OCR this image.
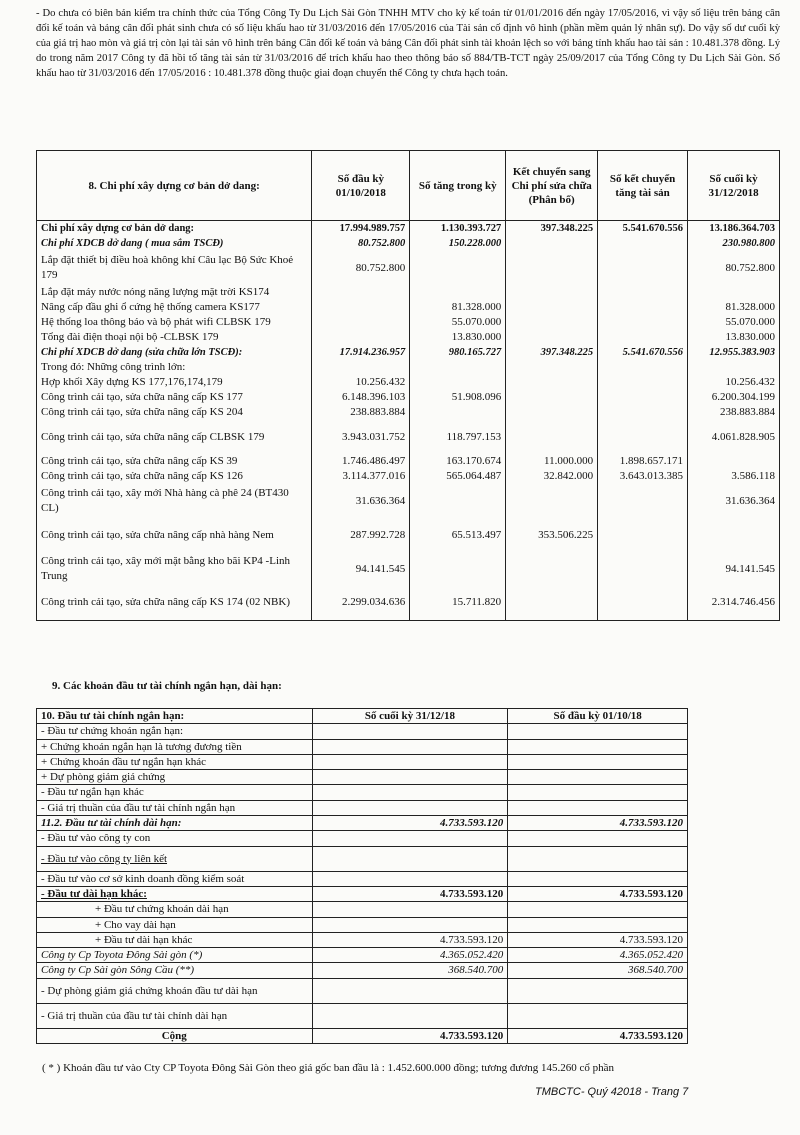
- Do chưa có biên bản kiểm tra chính thức của Tổng Công Ty Du Lịch Sài Gòn TNHH MTV cho kỳ kế toán từ 01/01/2016 đến ngày 17/05/2016, vì vậy số liệu trên bảng cân đối kế toán và bảng cân đối phát sinh chưa có số liệu khấu hao từ 31/03/2016 đến 17/05/2016 của Tài sản cố định vô hình (phần mềm quản lý nhân sự). Do vậy số dư cuối kỳ của giá trị hao mòn và giá trị còn lại tài sản vô hình trên bảng Cân đối kế toán và bảng Cân đối phát sinh tài khoản lệch so với bảng tính khấu hao tài sản : 10.481.378 đồng. Lý do trong năm 2017 Công ty đã hồi tố tăng tài sản từ 31/03/2016 để trích khấu hao theo thông báo số 884/TB-TCT ngày 25/09/2017 của Tổng Công ty Du Lịch Sài Gòn. Số khấu hao từ 31/03/2016 đến 17/05/2016 : 10.481.378 đồng thuộc giai đoạn chuyển thể Công ty chưa hạch toán.
8. Chi phí xây dựng cơ bản dở dang:	Số đầu kỳ 01/10/2018	Số tăng trong kỳ	Kết chuyển sang Chi phí sửa chữa (Phân bổ)	Số kết chuyển tăng tài sản	Số cuối kỳ 31/12/2018
Chi phí xây dựng cơ bản dở dang:	17.994.989.757	1.130.393.727	397.348.225	5.541.670.556	13.186.364.703
Chi phí XDCB dở dang ( mua sắm TSCĐ)	80.752.800	150.228.000			230.980.800
Lắp đặt thiết bị điều hoà không khí Câu lạc Bộ Sức Khoẻ 179	80.752.800				80.752.800
Lắp đặt máy nước nóng năng lượng mặt trời KS174					
Nâng cấp đầu ghi ổ cứng hệ thống camera KS177		81.328.000			81.328.000
Hệ thống loa thông báo và bộ phát wifi CLBSK 179		55.070.000			55.070.000
Tổng đài điện thoại nội bộ -CLBSK 179		13.830.000			13.830.000
Chi phí XDCB dở dang (sửa chữa lớn TSCĐ):	17.914.236.957	980.165.727	397.348.225	5.541.670.556	12.955.383.903
Trong đó: Những công trình lớn:					
Hợp khối Xây dựng KS 177,176,174,179	10.256.432				10.256.432
Công trình cải tạo, sửa chữa nâng cấp KS 177	6.148.396.103	51.908.096			6.200.304.199
Công trình cải tạo, sửa chữa nâng cấp KS 204	238.883.884				238.883.884
Công trình cải tạo, sửa chữa nâng cấp CLBSK 179	3.943.031.752	118.797.153			4.061.828.905
Công trình cải tạo, sửa chữa nâng cấp KS 39	1.746.486.497	163.170.674	11.000.000	1.898.657.171	
Công trình cải tạo, sửa chữa nâng cấp KS 126	3.114.377.016	565.064.487	32.842.000	3.643.013.385	3.586.118
Công trình cải tạo, xây mới Nhà hàng cà phê 24 (BT430 CL)	31.636.364				31.636.364
Công trình cải tạo, sửa chữa nâng cấp nhà hàng Nem	287.992.728	65.513.497	353.506.225		
Công trình cải tạo, xây mới mặt bằng kho bãi KP4 -Linh Trung	94.141.545				94.141.545
Công trình cải tạo, sửa chữa nâng cấp KS 174 (02 NBK)	2.299.034.636	15.711.820			2.314.746.456
9. Các khoản đầu tư tài chính ngắn hạn, dài hạn:
10. Đầu tư tài chính ngắn hạn:	Số cuối kỳ 31/12/18	Số đầu kỳ 01/10/18
- Đầu tư chứng khoán ngắn hạn:		
+ Chứng khoán ngắn hạn là tương đương tiền		
+ Chứng khoán đầu tư ngắn hạn khác		
+ Dự phòng giảm giá chứng		
- Đầu tư ngắn hạn khác		
- Giá trị thuần của đầu tư tài chính ngắn hạn		
11.2. Đầu tư tài chính dài hạn:	4.733.593.120	4.733.593.120
- Đầu tư vào công ty con		
- Đầu tư vào công ty liên kết		
- Đầu tư vào cơ sở kinh doanh đồng kiểm soát		
- Đầu tư dài hạn khác:	4.733.593.120	4.733.593.120
+ Đầu tư chứng khoán dài hạn		
+ Cho vay dài hạn		
+ Đầu tư dài hạn khác	4.733.593.120	4.733.593.120
Công ty Cp Toyota Đông Sài gòn (*)	4.365.052.420	4.365.052.420
Công ty Cp Sài gòn Sông Cầu (**)	368.540.700	368.540.700
- Dự phòng giảm giá chứng khoán đầu tư dài hạn		
- Giá trị thuần của đầu tư tài chính dài hạn		
Cộng	4.733.593.120	4.733.593.120
( * ) Khoản đầu tư vào Cty CP Toyota Đông Sài Gòn theo giá gốc ban đầu là : 1.452.600.000 đồng; tương đương 145.260 cổ phần
TMBCTC- Quý 42018 - Trang 7
